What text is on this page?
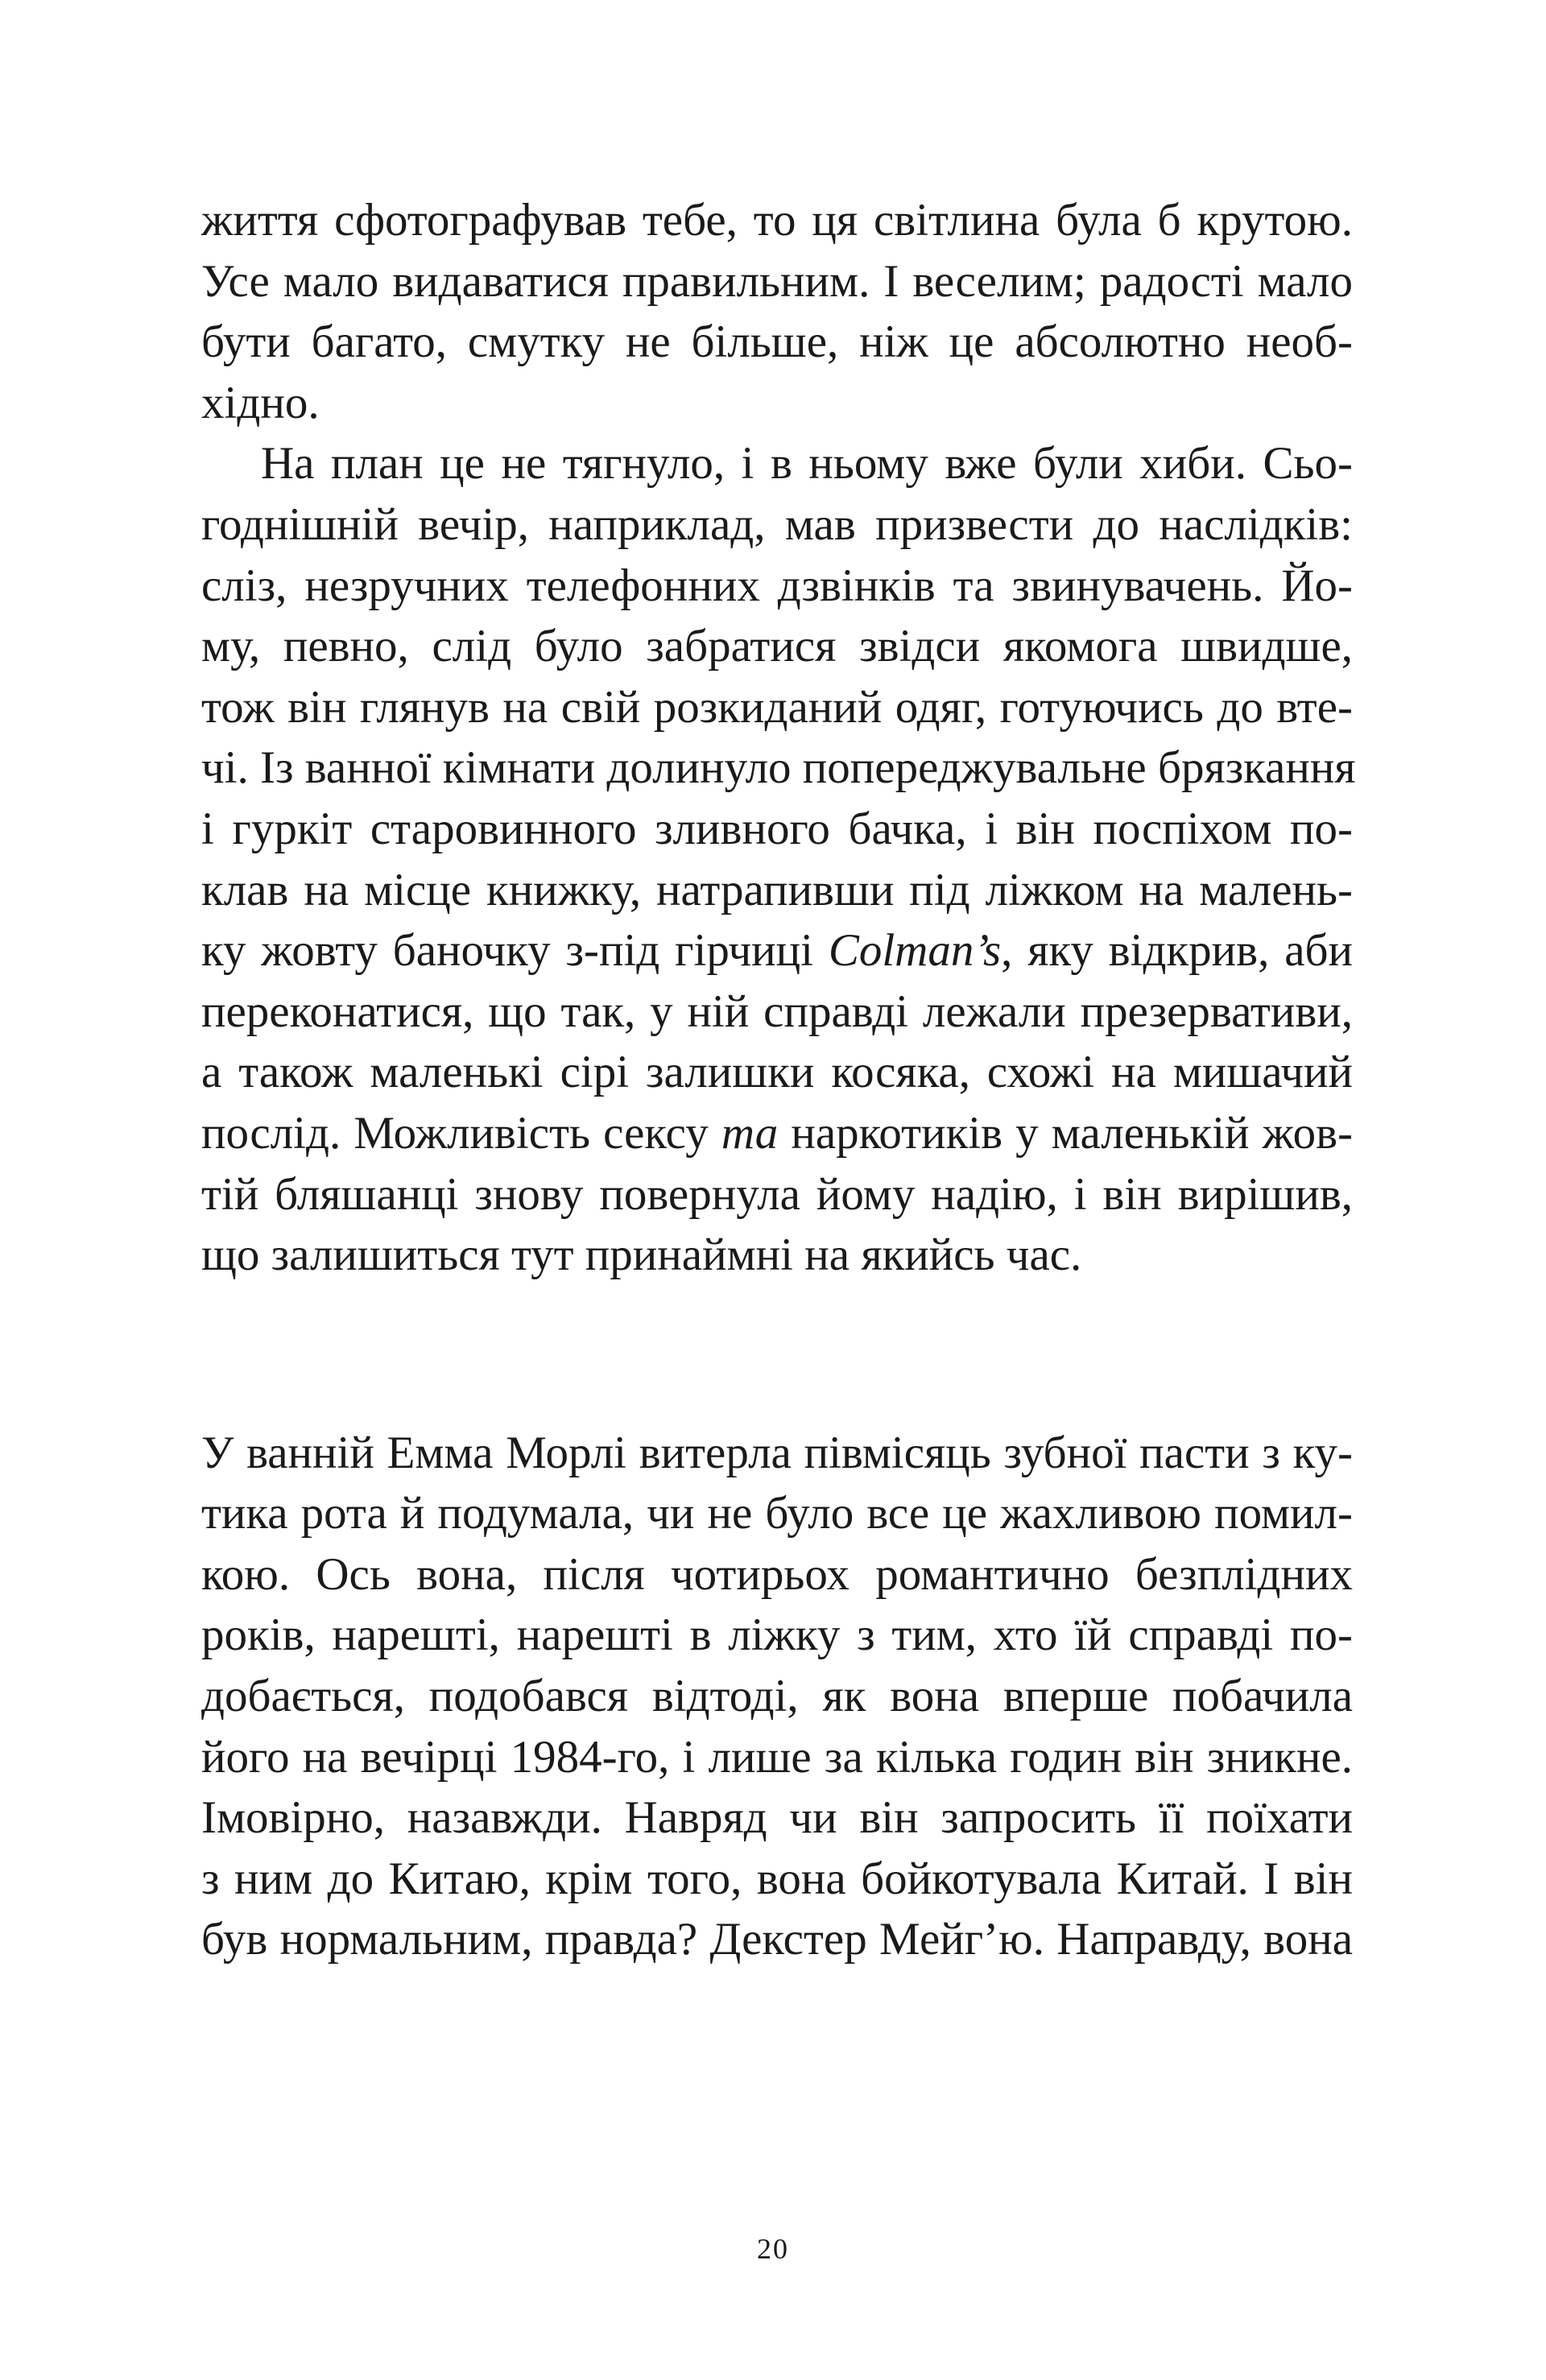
життя сфотографував тебе, то ця світлина була б крутою.
Усе мало видаватися правильним. І веселим; радості мало
бути багато, смутку не більше, ніж це абсолютно необ-
хідно.
На план це не тягнуло, і в ньому вже були хиби. Сьо-
годнішній вечір, наприклад, мав призвести до наслідків:
сліз, незручних телефонних дзвінків та звинувачень. Йо-
му, певно, слід було забратися звідси якомога швидше,
тож він глянув на свій розкиданий одяг, готуючись до вте-
чі. Із ванної кімнати долинуло попереджувальне брязкання
і гуркіт старовинного зливного бачка, і він поспіхом по-
клав на місце книжку, натрапивши під ліжком на малень-
ку жовту баночку з-під гірчиці Colman’s, яку відкрив, аби
переконатися, що так, у ній справді лежали презервативи,
а також маленькі сірі залишки косяка, схожі на мишачий
послід. Можливість сексу та наркотиків у маленькій жов-
тій бляшанці знову повернула йому надію, і він вирішив,
що залишиться тут принаймні на якийсь час.
У ванній Емма Морлі витерла півмісяць зубної пасти з ку-
тика рота й подумала, чи не було все це жахливою помил-
кою. Ось вона, після чотирьох романтично безплідних
років, нарешті, нарешті в ліжку з тим, хто їй справді по-
добається, подобався відтоді, як вона вперше побачила
його на вечірці 1984-го, і лише за кілька годин він зникне.
Імовірно, назавжди. Навряд чи він запросить її поїхати
з ним до Китаю, крім того, вона бойкотувала Китай. І він
був нормальним, правда? Декстер Мейг’ю. Направду, вона
20
